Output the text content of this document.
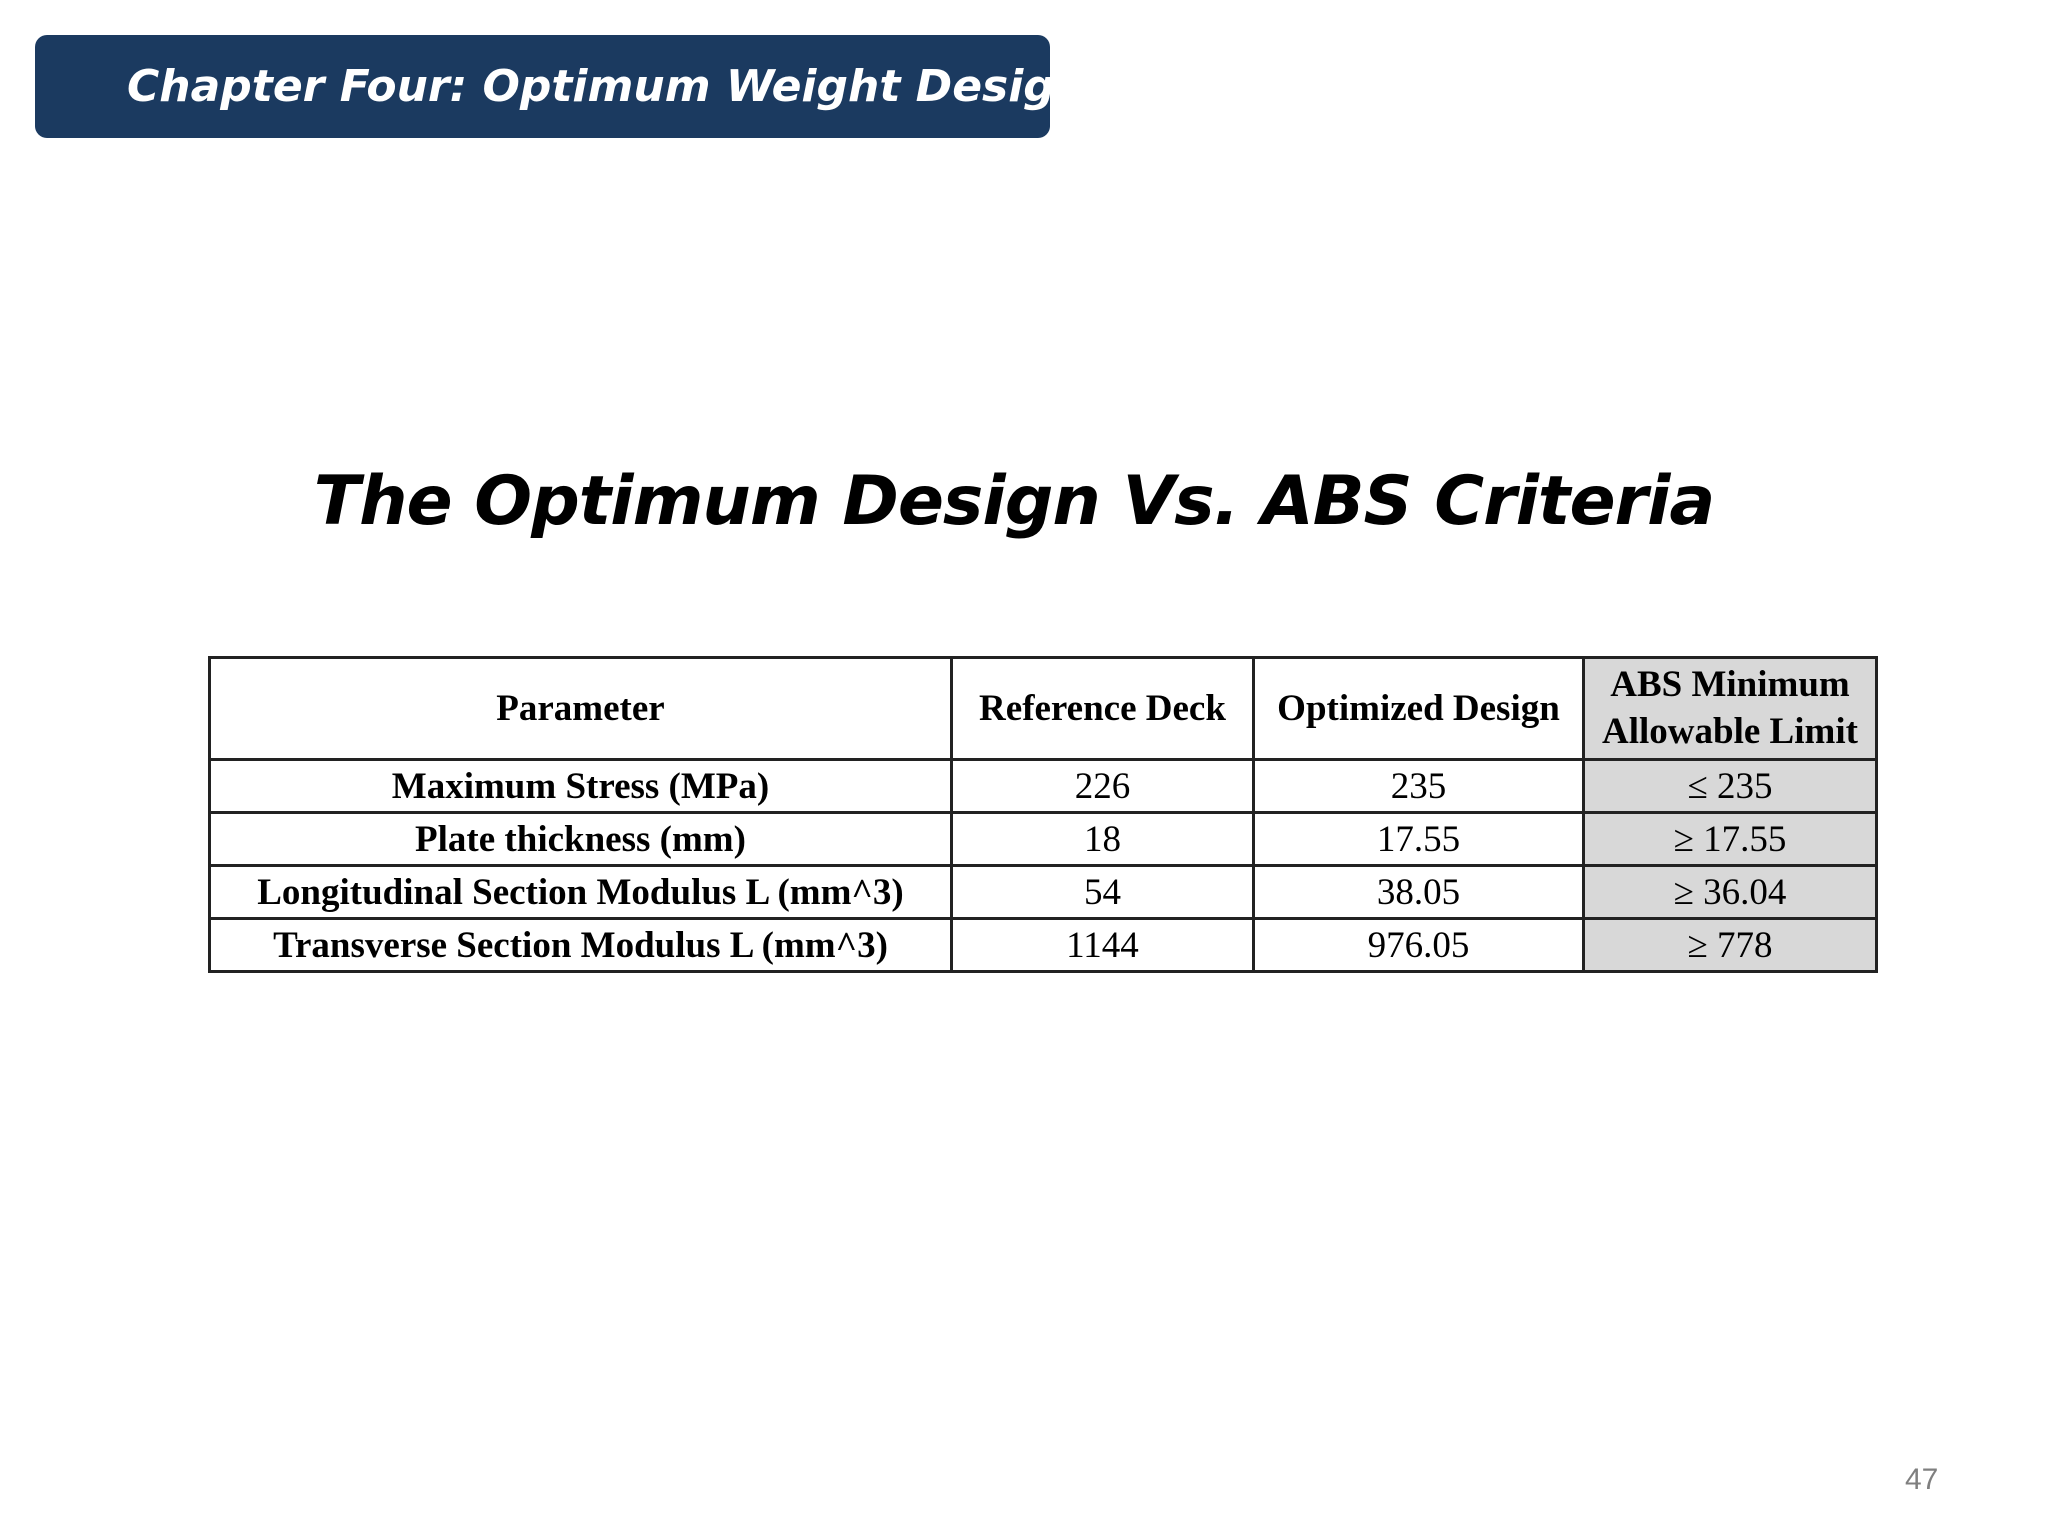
Chapter Four: Optimum Weight Design
The Optimum Design Vs. ABS Criteria
Parameter	Reference Deck	Optimized Design	ABS Minimum
Allowable Limit

Maximum Stress (MPa)	226	235	≤ 235
Plate thickness (mm)	18	17.55	≥ 17.55
Longitudinal Section Modulus L (mm^3)	54	38.05	≥ 36.04
Transverse Section Modulus L (mm^3)	1144	976.05	≥ 778
47
